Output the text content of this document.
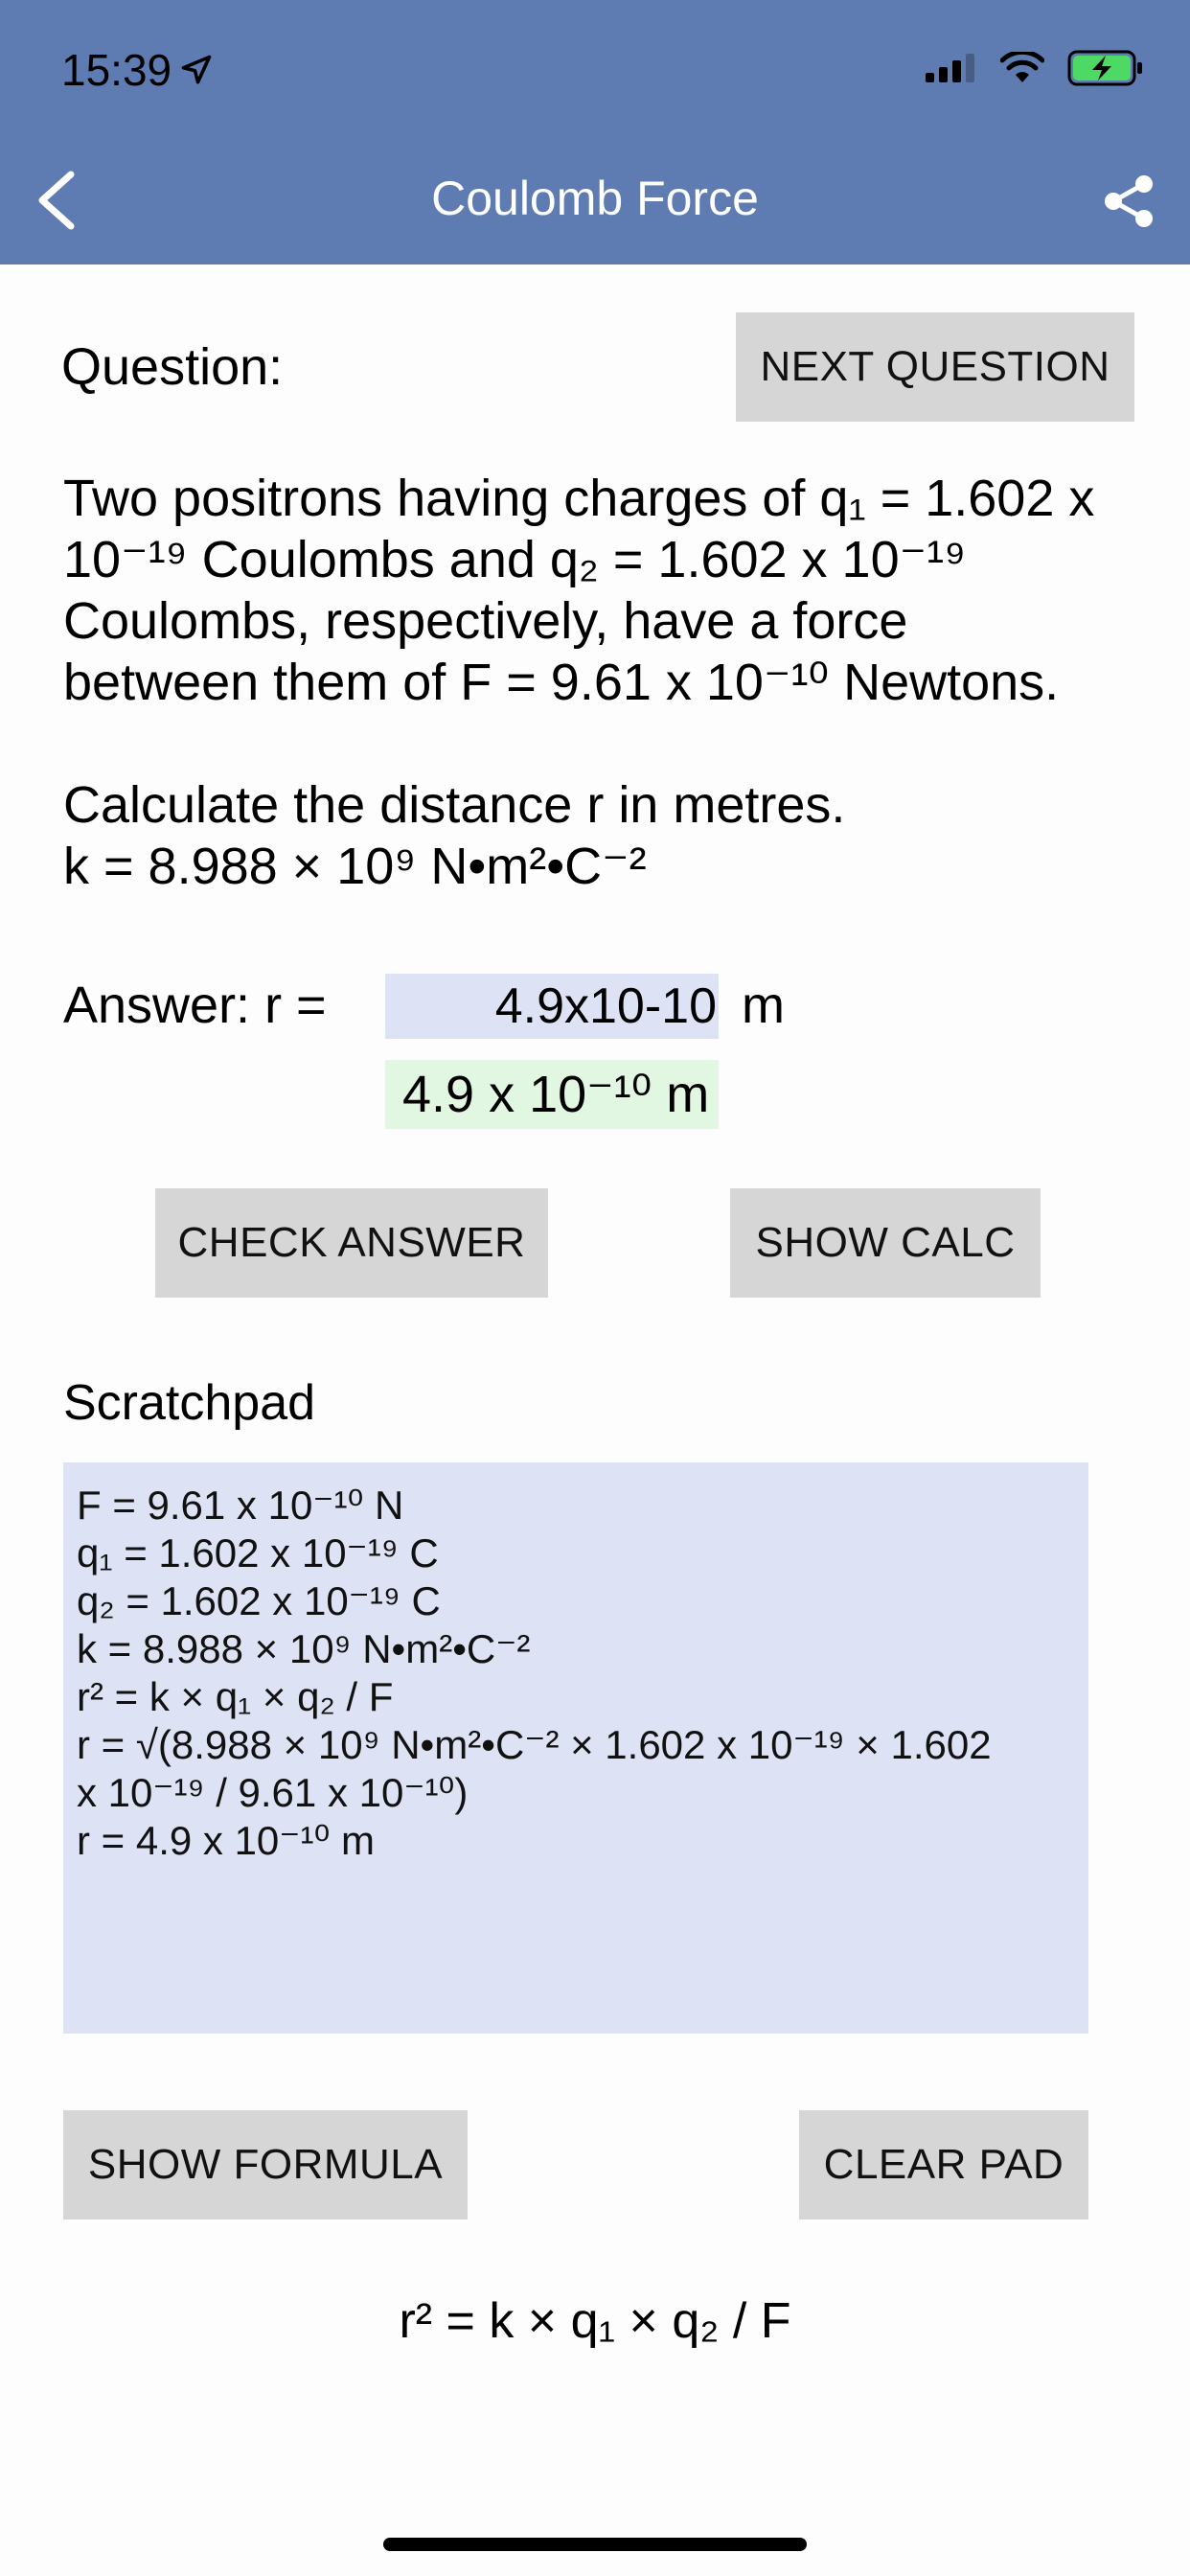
15:39
Coulomb Force
Question:	NEXT QUESTION

Two positrons having charges of q₁ = 1.602 x

10⁻¹⁹ Coulombs and q₂ = 1.602 x 10⁻¹⁹

Coulombs, respectively, have a force

between them of F = 9.61 x 10⁻¹⁰ Newtons.

Calculate the distance r in metres.

k = 8.988 × 10⁹ N•m²•C⁻²

Answer: r =	4.9x10-10 m
4.9 x 10⁻¹⁰ m
CHECK ANSWER	SHOW CALC
Scratchpad
F = 9.61 x 10⁻¹⁰ N
q₁ = 1.602 x 10⁻¹⁹ C
q₂ = 1.602 x 10⁻¹⁹ C
k = 8.988 × 10⁹ N•m²•C⁻²
r² = k × q₁ × q₂ / F
r = √(8.988 × 10⁹ N•m²•C⁻² × 1.602 x 10⁻¹⁹ × 1.602
x 10⁻¹⁹ / 9.61 x 10⁻¹⁰)
r = 4.9 x 10⁻¹⁰ m
SHOW FORMULA	CLEAR PAD
r² = k × q₁ × q₂ / F
